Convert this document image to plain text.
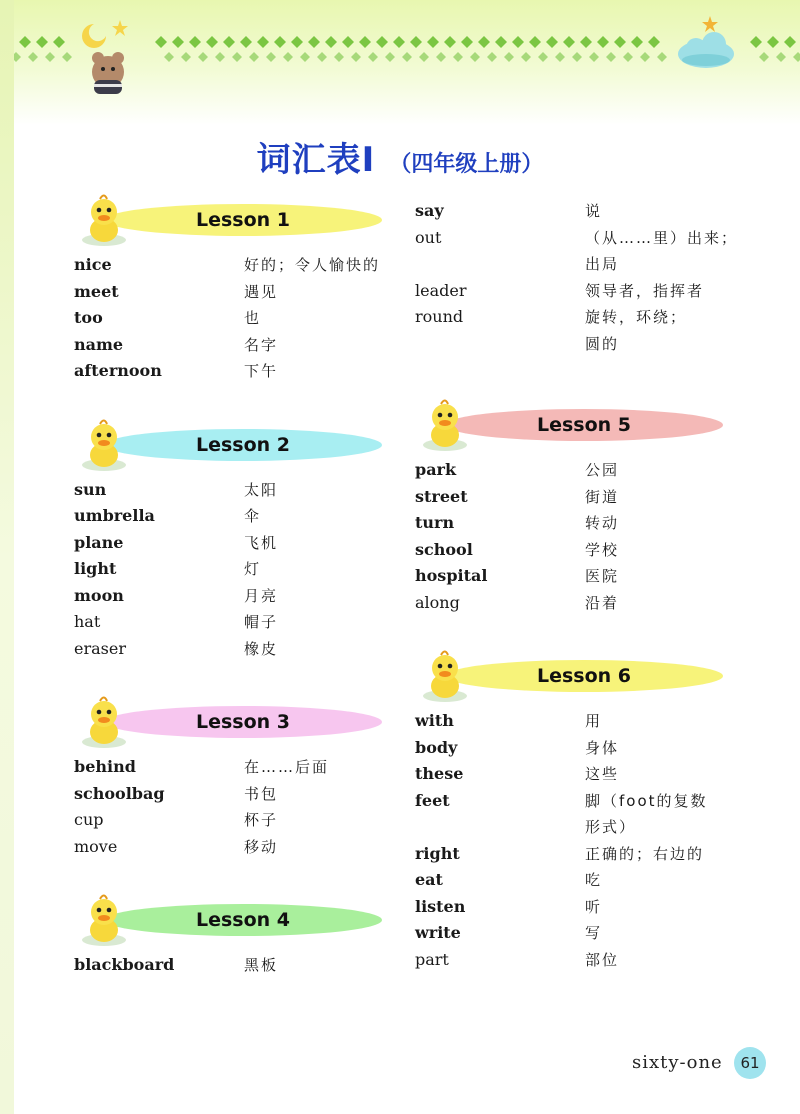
词汇表Ⅰ （四年级上册）
Lesson 1
nice	好的；令人愉快的
meet	遇见
too	也
name	名字
afternoon	下午
Lesson 2
sun	太阳
umbrella	伞
plane	飞机
light	灯
moon	月亮
hat	帽子
eraser	橡皮
Lesson 3
behind	在……后面
schoolbag	书包
cup	杯子
move	移动
Lesson 4
blackboard	黑板
say	说
out	（从……里）出来；
出局
leader	领导者，指挥者
round	旋转，环绕；
圆的
Lesson 5
park	公园
street	街道
turn	转动
school	学校
hospital	医院
along	沿着
Lesson 6
with	用
body	身体
these	这些
feet	脚（foot的复数
形式）
right	正确的；右边的
eat	吃
listen	听
write	写
part	部位
sixty-one	61
